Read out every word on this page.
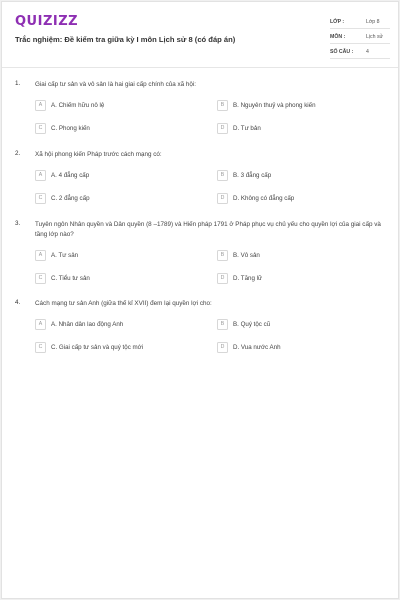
QUIZIZZ
Trắc nghiệm: Đề kiểm tra giữa kỳ I môn Lịch sử 8 (có đáp án)
LỚP :	Lớp 8
MÔN :	Lịch sử
SỐ CÂU : 4
1. Giai cấp tư sản và vô sản là hai giai cấp chính của xã hội:
A	A. Chiếm hữu nô lệ	B	B. Nguyên thuỷ và phong kiến
C	C. Phong kiến	D	D. Tư bản
2. Xã hội phong kiến Pháp trước cách mạng có:
A	A. 4 đẳng cấp	B	B. 3 đẳng cấp
C	C. 2 đẳng cấp	D	D. Không có đẳng cấp
3. Tuyên ngôn Nhân quyền và Dân quyền (8 –1789) và Hiến pháp 1791 ở Pháp phục vụ chủ yếu cho quyền lợi của giai cấp và tầng lớp nào?
A	A. Tư sản	B	B. Vô sản
C	C. Tiểu tư sản	D	D. Tăng lữ
4. Cách mạng tư sản Anh (giữa thế kỉ XVII) đem lại quyền lợi cho:
A	A. Nhân dân lao động Anh	B	B. Quý tộc cũ
C	C. Giai cấp tư sản và quý tộc mới	D	D. Vua nước Anh
